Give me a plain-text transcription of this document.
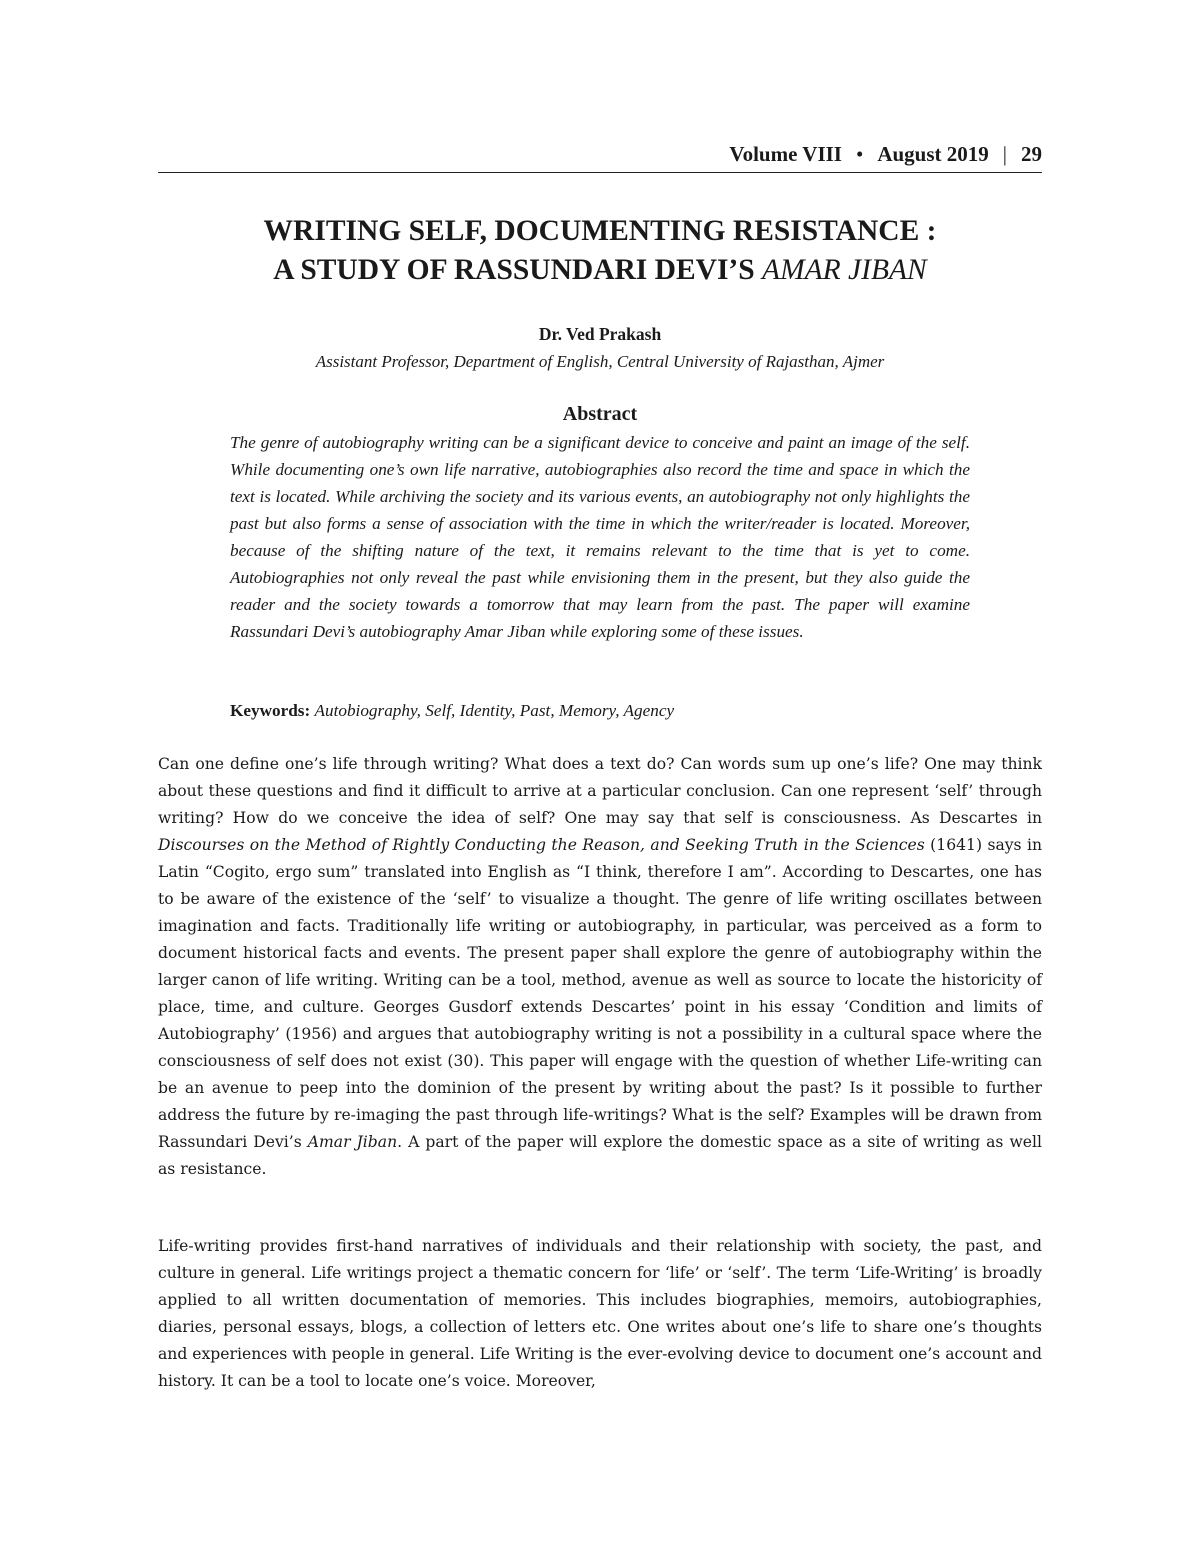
Volume VIII • August 2019 | 29
WRITING SELF, DOCUMENTING RESISTANCE :
A STUDY OF RASSUNDARI DEVI’S AMAR JIBAN
Dr. Ved Prakash
Assistant Professor, Department of English, Central University of Rajasthan, Ajmer
Abstract
The genre of autobiography writing can be a significant device to conceive and paint an image of the self. While documenting one’s own life narrative, autobiographies also record the time and space in which the text is located. While archiving the society and its various events, an autobiography not only highlights the past but also forms a sense of association with the time in which the writer/reader is located. Moreover, because of the shifting nature of the text, it remains relevant to the time that is yet to come. Autobiographies not only reveal the past while envisioning them in the present, but they also guide the reader and the society towards a tomorrow that may learn from the past. The paper will examine Rassundari Devi’s autobiography Amar Jiban while exploring some of these issues.
Keywords: Autobiography, Self, Identity, Past, Memory, Agency
Can one define one’s life through writing? What does a text do? Can words sum up one’s life? One may think about these questions and find it difficult to arrive at a particular conclusion. Can one represent ‘self’ through writing? How do we conceive the idea of self? One may say that self is consciousness. As Descartes in Discourses on the Method of Rightly Conducting the Reason, and Seeking Truth in the Sciences (1641) says in Latin “Cogito, ergo sum” translated into English as “I think, therefore I am”. According to Descartes, one has to be aware of the existence of the ‘self’ to visualize a thought. The genre of life writing oscillates between imagination and facts. Traditionally life writing or autobiography, in particular, was perceived as a form to document historical facts and events. The present paper shall explore the genre of autobiography within the larger canon of life writing. Writing can be a tool, method, avenue as well as source to locate the historicity of place, time, and culture. Georges Gusdorf extends Descartes’ point in his essay ‘Condition and limits of Autobiography’ (1956) and argues that autobiography writing is not a possibility in a cultural space where the consciousness of self does not exist (30). This paper will engage with the question of whether Life-writing can be an avenue to peep into the dominion of the present by writing about the past? Is it possible to further address the future by re-imaging the past through life-writings? What is the self? Examples will be drawn from Rassundari Devi’s Amar Jiban. A part of the paper will explore the domestic space as a site of writing as well as resistance.
Life-writing provides first-hand narratives of individuals and their relationship with society, the past, and culture in general. Life writings project a thematic concern for ‘life’ or ‘self’. The term ‘Life-Writing’ is broadly applied to all written documentation of memories. This includes biographies, memoirs, autobiographies, diaries, personal essays, blogs, a collection of letters etc. One writes about one’s life to share one’s thoughts and experiences with people in general. Life Writing is the ever-evolving device to document one’s account and history. It can be a tool to locate one’s voice. Moreover,
